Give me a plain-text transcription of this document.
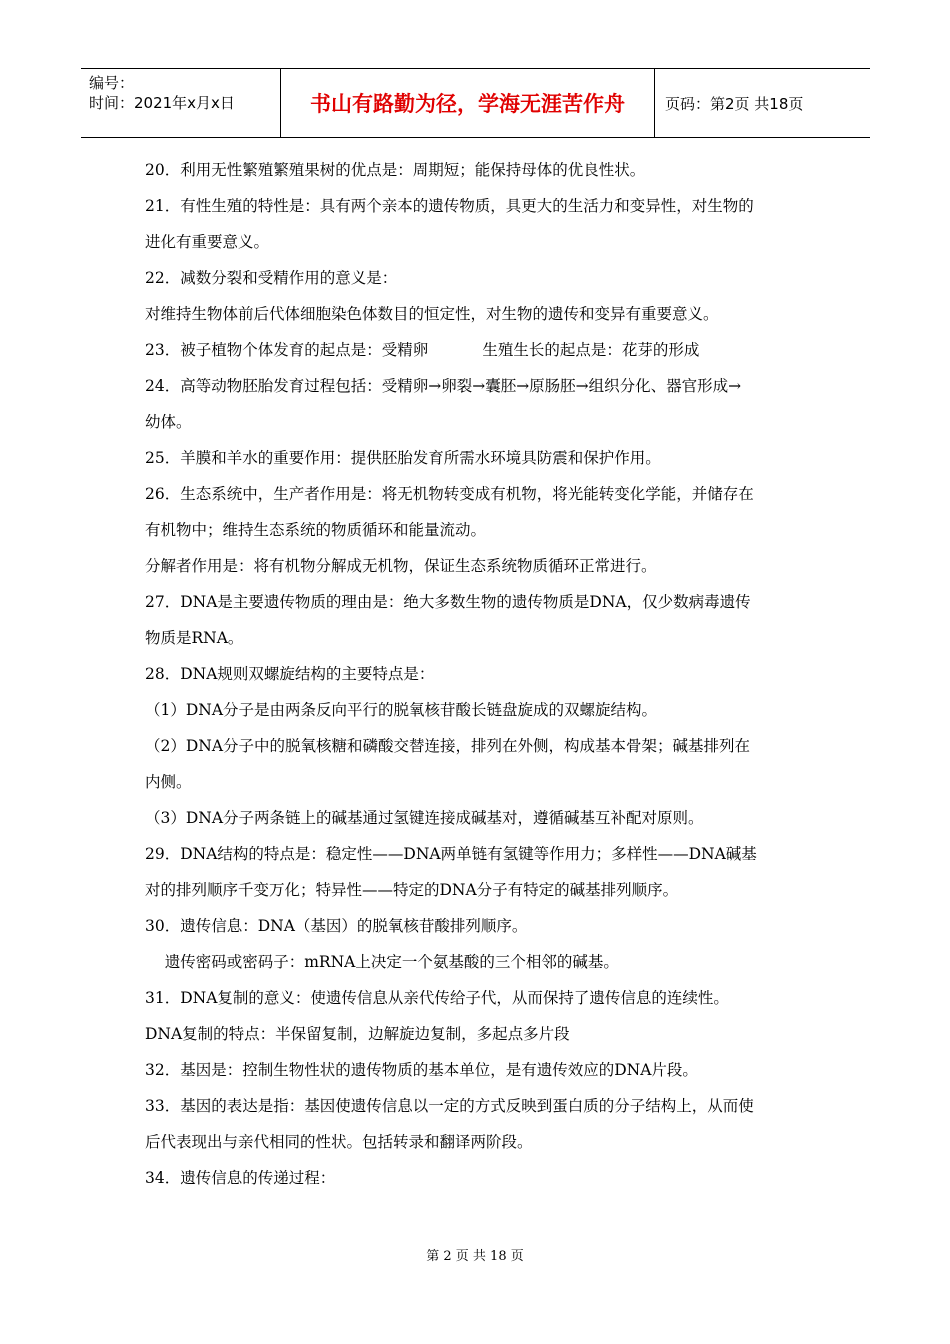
编号：
时间：2021年x月x日	书山有路勤为径，学海无涯苦作舟	页码：第2页 共18页
20．利用无性繁殖繁殖果树的优点是：周期短；能保持母体的优良性状。
21．有性生殖的特性是：具有两个亲本的遗传物质，具更大的生活力和变异性，对生物的
进化有重要意义。
22．减数分裂和受精作用的意义是：
对维持生物体前后代体细胞染色体数目的恒定性，对生物的遗传和变异有重要意义。
23．被子植物个体发育的起点是：受精卵           生殖生长的起点是：花芽的形成
24．高等动物胚胎发育过程包括：受精卵→卵裂→囊胚→原肠胚→组织分化、器官形成→
幼体。
25．羊膜和羊水的重要作用：提供胚胎发育所需水环境具防震和保护作用。
26．生态系统中，生产者作用是：将无机物转变成有机物，将光能转变化学能，并储存在
有机物中；维持生态系统的物质循环和能量流动。
分解者作用是：将有机物分解成无机物，保证生态系统物质循环正常进行。
27．DNA是主要遗传物质的理由是：绝大多数生物的遗传物质是DNA，仅少数病毒遗传
物质是RNA。
28．DNA规则双螺旋结构的主要特点是：
（1）DNA分子是由两条反向平行的脱氧核苷酸长链盘旋成的双螺旋结构。
（2）DNA分子中的脱氧核糖和磷酸交替连接，排列在外侧，构成基本骨架；碱基排列在
内侧。
（3）DNA分子两条链上的碱基通过氢键连接成碱基对，遵循碱基互补配对原则。
29．DNA结构的特点是：稳定性——DNA两单链有氢键等作用力；多样性——DNA碱基
对的排列顺序千变万化；特异性——特定的DNA分子有特定的碱基排列顺序。
30．遗传信息：DNA（基因）的脱氧核苷酸排列顺序。
遗传密码或密码子：mRNA上决定一个氨基酸的三个相邻的碱基。
31．DNA复制的意义：使遗传信息从亲代传给子代，从而保持了遗传信息的连续性。
DNA复制的特点：半保留复制，边解旋边复制，多起点多片段
32．基因是：控制生物性状的遗传物质的基本单位，是有遗传效应的DNA片段。
33．基因的表达是指：基因使遗传信息以一定的方式反映到蛋白质的分子结构上，从而使
后代表现出与亲代相同的性状。包括转录和翻译两阶段。
34．遗传信息的传递过程：
第 2 页 共 18 页
